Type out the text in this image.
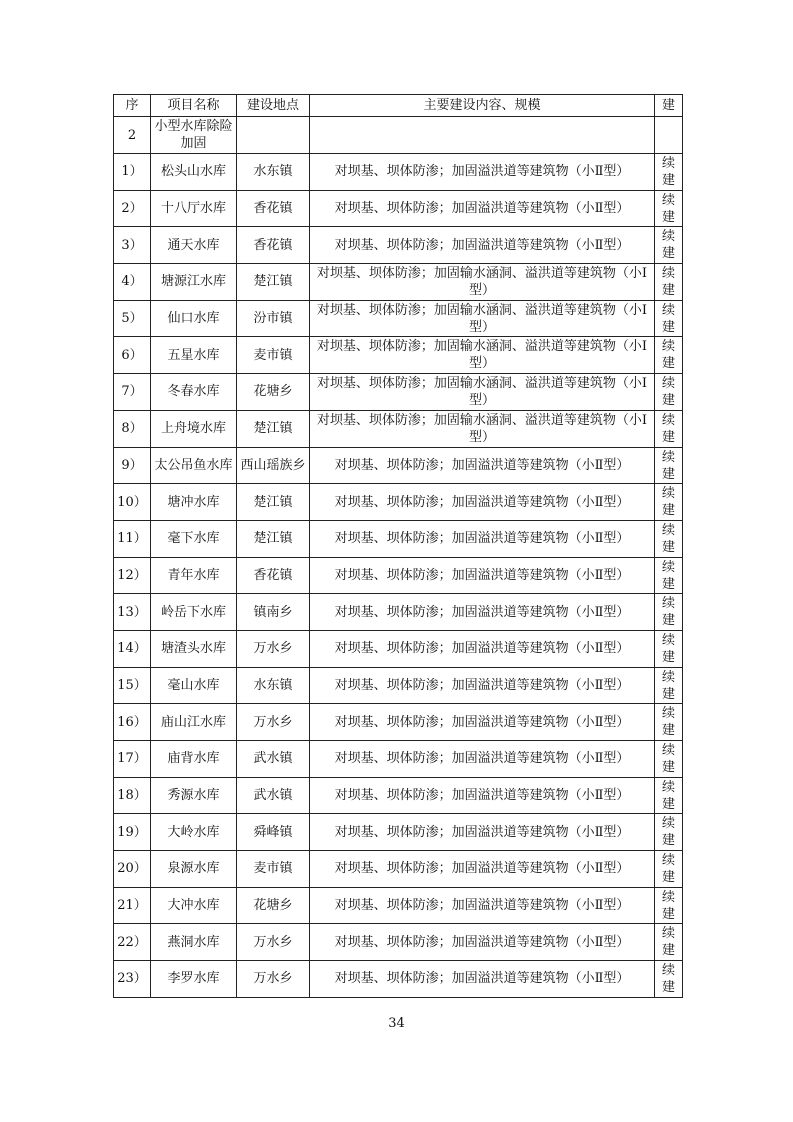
序	项目名称	建设地点	主要建设内容、规模	建
2	小型水库除险加固			

1）	松头山水库	水东镇	对坝基、坝体防渗；加固溢洪道等建筑物（小Ⅱ型）	续建

2）	十八厅水库	香花镇	对坝基、坝体防渗；加固溢洪道等建筑物（小Ⅱ型）	续建

3）	通天水库	香花镇	对坝基、坝体防渗；加固溢洪道等建筑物（小Ⅱ型）	续建

4）	塘源江水库	楚江镇	对坝基、坝体防渗；加固输水涵洞、溢洪道等建筑物（小Ⅰ型）	续建

5）	仙口水库	汾市镇	对坝基、坝体防渗；加固输水涵洞、溢洪道等建筑物（小Ⅰ型）	续建

6）	五星水库	麦市镇	对坝基、坝体防渗；加固输水涵洞、溢洪道等建筑物（小Ⅰ型）	续建

7）	冬春水库	花塘乡	对坝基、坝体防渗；加固输水涵洞、溢洪道等建筑物（小Ⅰ型）	续建

8）	上舟境水库	楚江镇	对坝基、坝体防渗；加固输水涵洞、溢洪道等建筑物（小Ⅰ型）	续建

9）	太公吊鱼水库	西山瑶族乡	对坝基、坝体防渗；加固溢洪道等建筑物（小Ⅱ型）	续建

10）	塘冲水库	楚江镇	对坝基、坝体防渗；加固溢洪道等建筑物（小Ⅱ型）	续建

11）	毫下水库	楚江镇	对坝基、坝体防渗；加固溢洪道等建筑物（小Ⅱ型）	续建

12）	青年水库	香花镇	对坝基、坝体防渗；加固溢洪道等建筑物（小Ⅱ型）	续建

13）	岭岳下水库	镇南乡	对坝基、坝体防渗；加固溢洪道等建筑物（小Ⅱ型）	续建

14）	塘渣头水库	万水乡	对坝基、坝体防渗；加固溢洪道等建筑物（小Ⅱ型）	续建

15）	毫山水库	水东镇	对坝基、坝体防渗；加固溢洪道等建筑物（小Ⅱ型）	续建

16）	庙山江水库	万水乡	对坝基、坝体防渗；加固溢洪道等建筑物（小Ⅱ型）	续建

17）	庙背水库	武水镇	对坝基、坝体防渗；加固溢洪道等建筑物（小Ⅱ型）	续建

18）	秀源水库	武水镇	对坝基、坝体防渗；加固溢洪道等建筑物（小Ⅱ型）	续建

19）	大岭水库	舜峰镇	对坝基、坝体防渗；加固溢洪道等建筑物（小Ⅱ型）	续建

20）	泉源水库	麦市镇	对坝基、坝体防渗；加固溢洪道等建筑物（小Ⅱ型）	续建

21）	大冲水库	花塘乡	对坝基、坝体防渗；加固溢洪道等建筑物（小Ⅱ型）	续建

22）	燕洞水库	万水乡	对坝基、坝体防渗；加固溢洪道等建筑物（小Ⅱ型）	续建

23）	李罗水库	万水乡	对坝基、坝体防渗；加固溢洪道等建筑物（小Ⅱ型）	续建
34
